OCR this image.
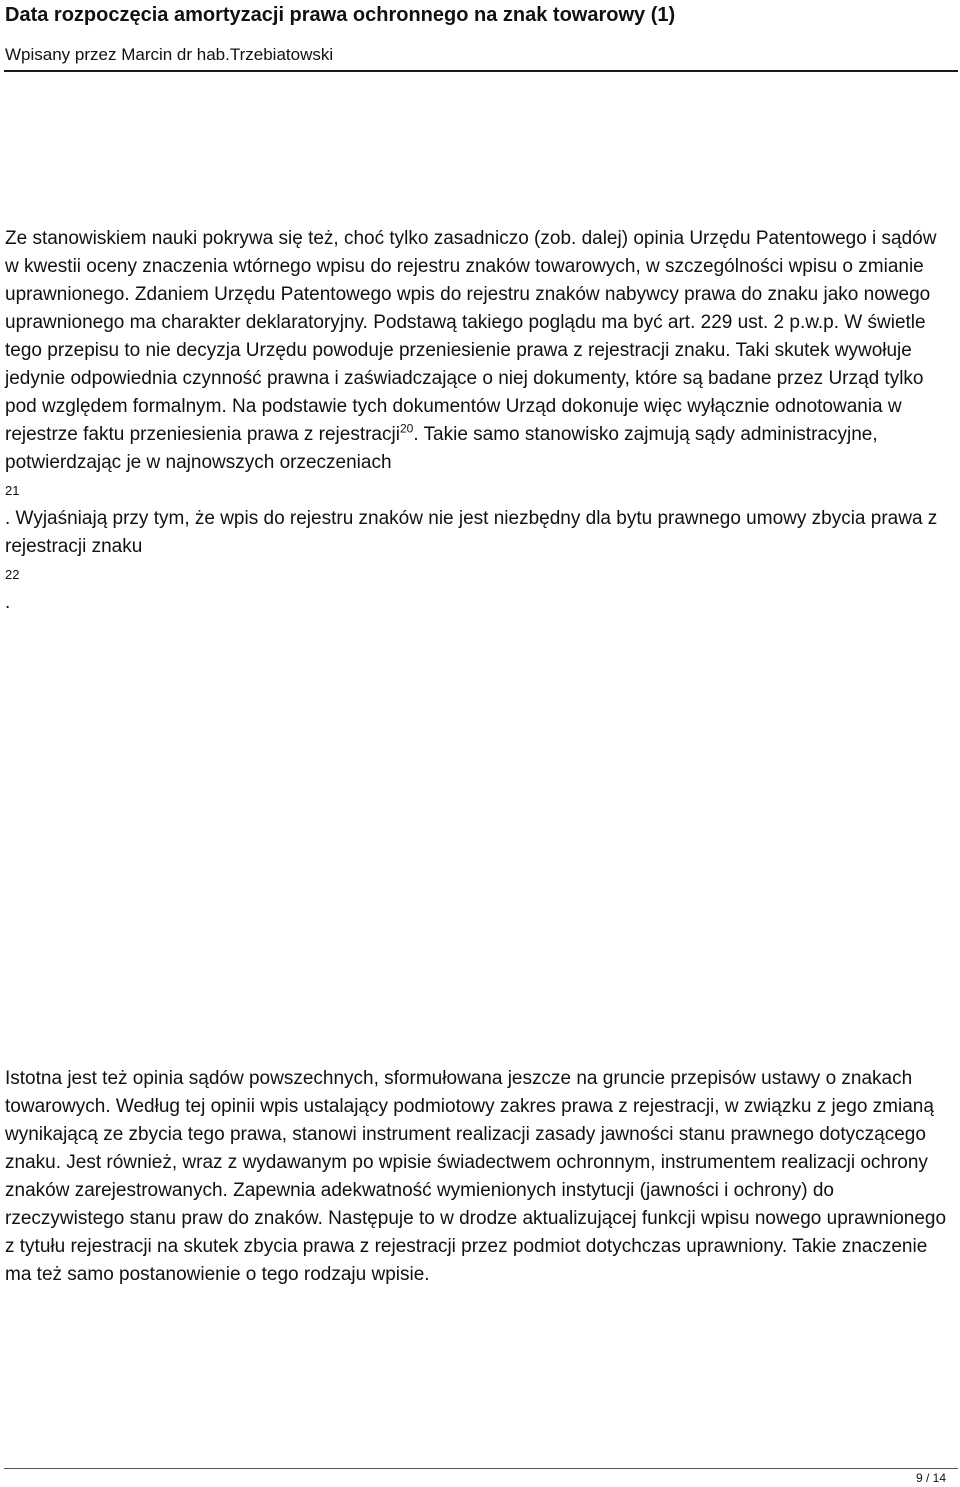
Data rozpoczęcia amortyzacji prawa ochronnego na znak towarowy (1)
Wpisany przez Marcin dr hab.Trzebiatowski

Ze stanowiskiem nauki pokrywa się też, choć tylko zasadniczo (zob. dalej) opinia Urzędu Patentowego i sądów w kwestii oceny znaczenia wtórnego wpisu do rejestru znaków towarowych, w szczególności wpisu o zmianie uprawnionego. Zdaniem Urzędu Patentowego wpis do rejestru znaków nabywcy prawa do znaku jako nowego uprawnionego ma charakter deklaratoryjny. Podstawą takiego poglądu ma być art. 229 ust. 2 p.w.p. W świetle tego przepisu to nie decyzja Urzędu powoduje przeniesienie prawa z rejestracji znaku. Taki skutek wywołuje jedynie odpowiednia czynność prawna i zaświadczające o niej dokumenty, które są badane przez Urząd tylko pod względem formalnym. Na podstawie tych dokumentów Urząd dokonuje więc wyłącznie odnotowania w rejestrze faktu przeniesienia prawa z rejestracji$^{20}$. Takie samo stanowisko zajmują sądy administracyjne, potwierdzając je w najnowszych orzeczeniach
21
. Wyjaśniają przy tym, że wpis do rejestru znaków nie jest niezbędny dla bytu prawnego umowy zbycia prawa z rejestracji znaku
22
.

Istotna jest też opinia sądów powszechnych, sformułowana jeszcze na gruncie przepisów ustawy o znakach towarowych. Według tej opinii wpis ustalający podmiotowy zakres prawa z rejestracji, w związku z jego zmianą wynikającą ze zbycia tego prawa, stanowi instrument realizacji zasady jawności stanu prawnego dotyczącego znaku. Jest również, wraz z wydawanym po wpisie świadectwem ochronnym, instrumentem realizacji ochrony znaków zarejestrowanych. Zapewnia adekwatność wymienionych instytucji (jawności i ochrony) do rzeczywistego stanu praw do znaków. Następuje to w drodze aktualizującej funkcji wpisu nowego uprawnionego z tytułu rejestracji na skutek zbycia prawa z rejestracji przez podmiot dotychczas uprawniony. Takie znaczenie ma też samo postanowienie o tego rodzaju wpisie.

9 / 14
